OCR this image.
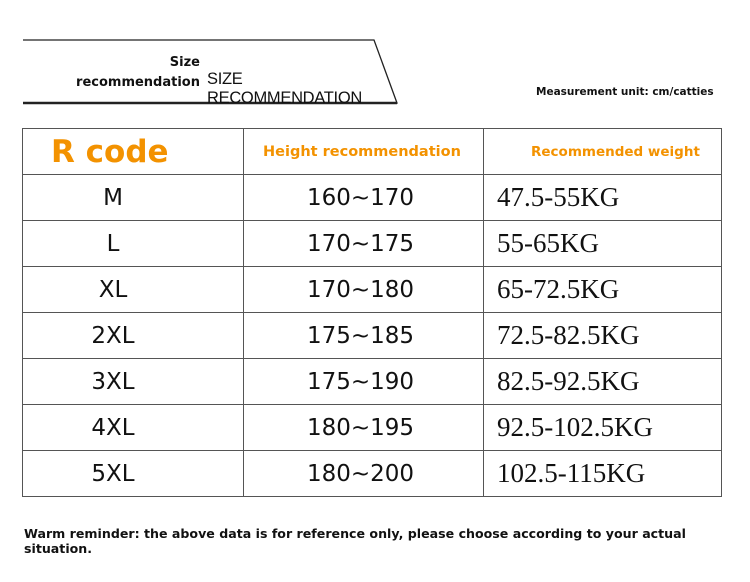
Size
recommendation SIZE RECOMMENDATION	Measurement unit: cm/catties
R code	Height recommendation	Recommended weight
M	160~170	47.5-55KG
L	170~175	55-65KG
XL	170~180	65-72.5KG
2XL	175~185	72.5-82.5KG
3XL	175~190	82.5-92.5KG
4XL	180~195	92.5-102.5KG
5XL	180~200	102.5-115KG
Warm reminder: the above data is for reference only, please choose according to your actual situation.
